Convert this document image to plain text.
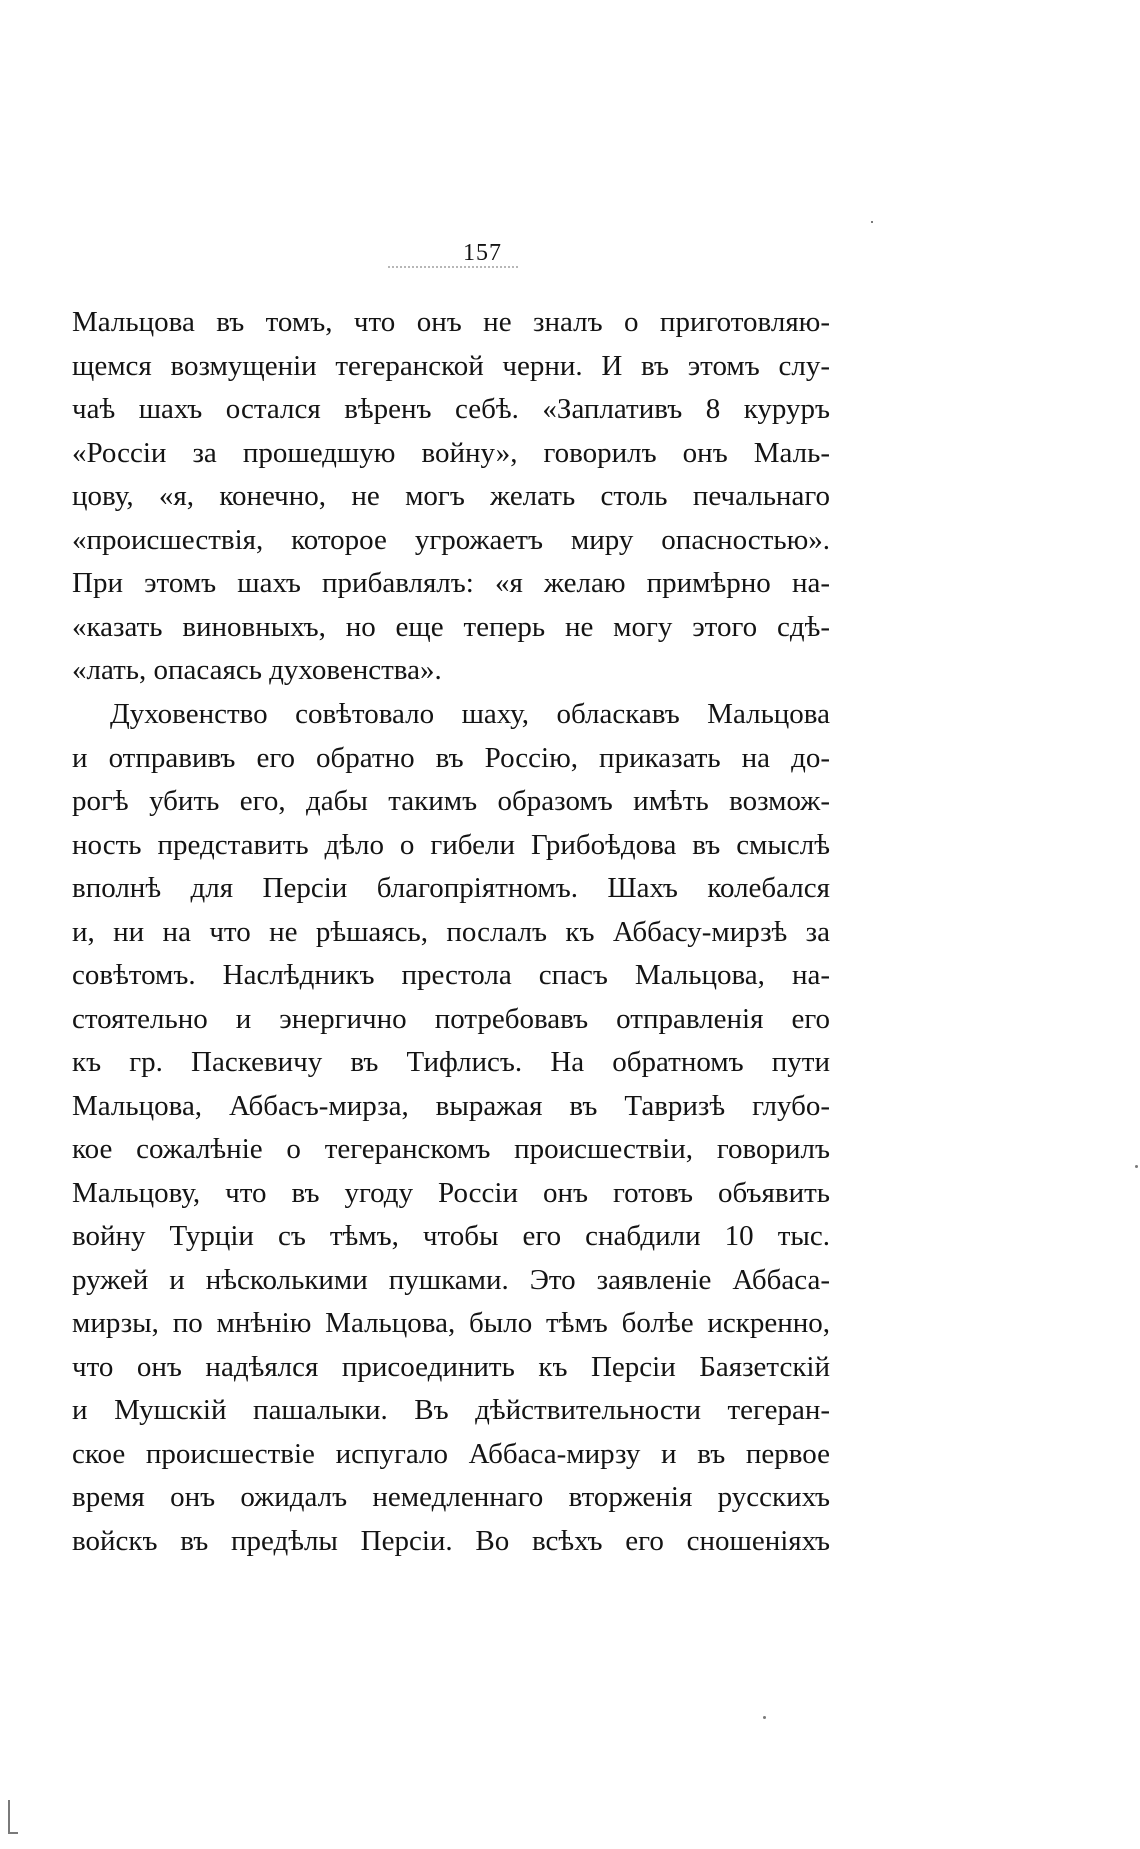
157
Мальцова въ томъ, что онъ не зналъ о приготовляю-
щемся возмущенiи тегеранской черни. И въ этомъ слу-
чаѣ шахъ остался вѣренъ себѣ. «Заплативъ 8 куруръ
«Россiи за прошедшую войну», говорилъ онъ Маль-
цову, «я, конечно, не могъ желать столь печальнаго
«происшествiя, которое угрожаетъ миру опасностью».
При этомъ шахъ прибавлялъ: «я желаю примѣрно на-
«казать виновныхъ, но еще теперь не могу этого сдѣ-
«лать, опасаясь духовенства».
Духовенство совѣтовало шаху, обласкавъ Мальцова
и отправивъ его обратно въ Россiю, приказать на до-
рогѣ убить его, дабы такимъ образомъ имѣть возмож-
ность представить дѣло о гибели Грибоѣдова въ смыслѣ
вполнѣ для Персiи благопрiятномъ. Шахъ колебался
и, ни на что не рѣшаясь, послалъ къ Аббасу-мирзѣ за
совѣтомъ. Наслѣдникъ престола спасъ Мальцова, на-
стоятельно и энергично потребовавъ отправленiя его
къ гр. Паскевичу въ Тифлисъ. На обратномъ пути
Мальцова, Аббасъ-мирза, выражая въ Тавризѣ глубо-
кое сожалѣнiе о тегеранскомъ происшествiи, говорилъ
Мальцову, что въ угоду Россiи онъ готовъ объявить
войну Турцiи съ тѣмъ, чтобы его снабдили 10 тыс.
ружей и нѣсколькими пушками. Это заявленiе Аббаса-
мирзы, по мнѣнiю Мальцова, было тѣмъ болѣе искренно,
что онъ надѣялся присоединить къ Персiи Баязетскiй
и Мушскiй пашалыки. Въ дѣйствительности тегеран-
ское происшествiе испугало Аббаса-мирзу и въ первое
время онъ ожидалъ немедленнаго вторженiя русскихъ
войскъ въ предѣлы Персiи. Во всѣхъ его сношенiяхъ
